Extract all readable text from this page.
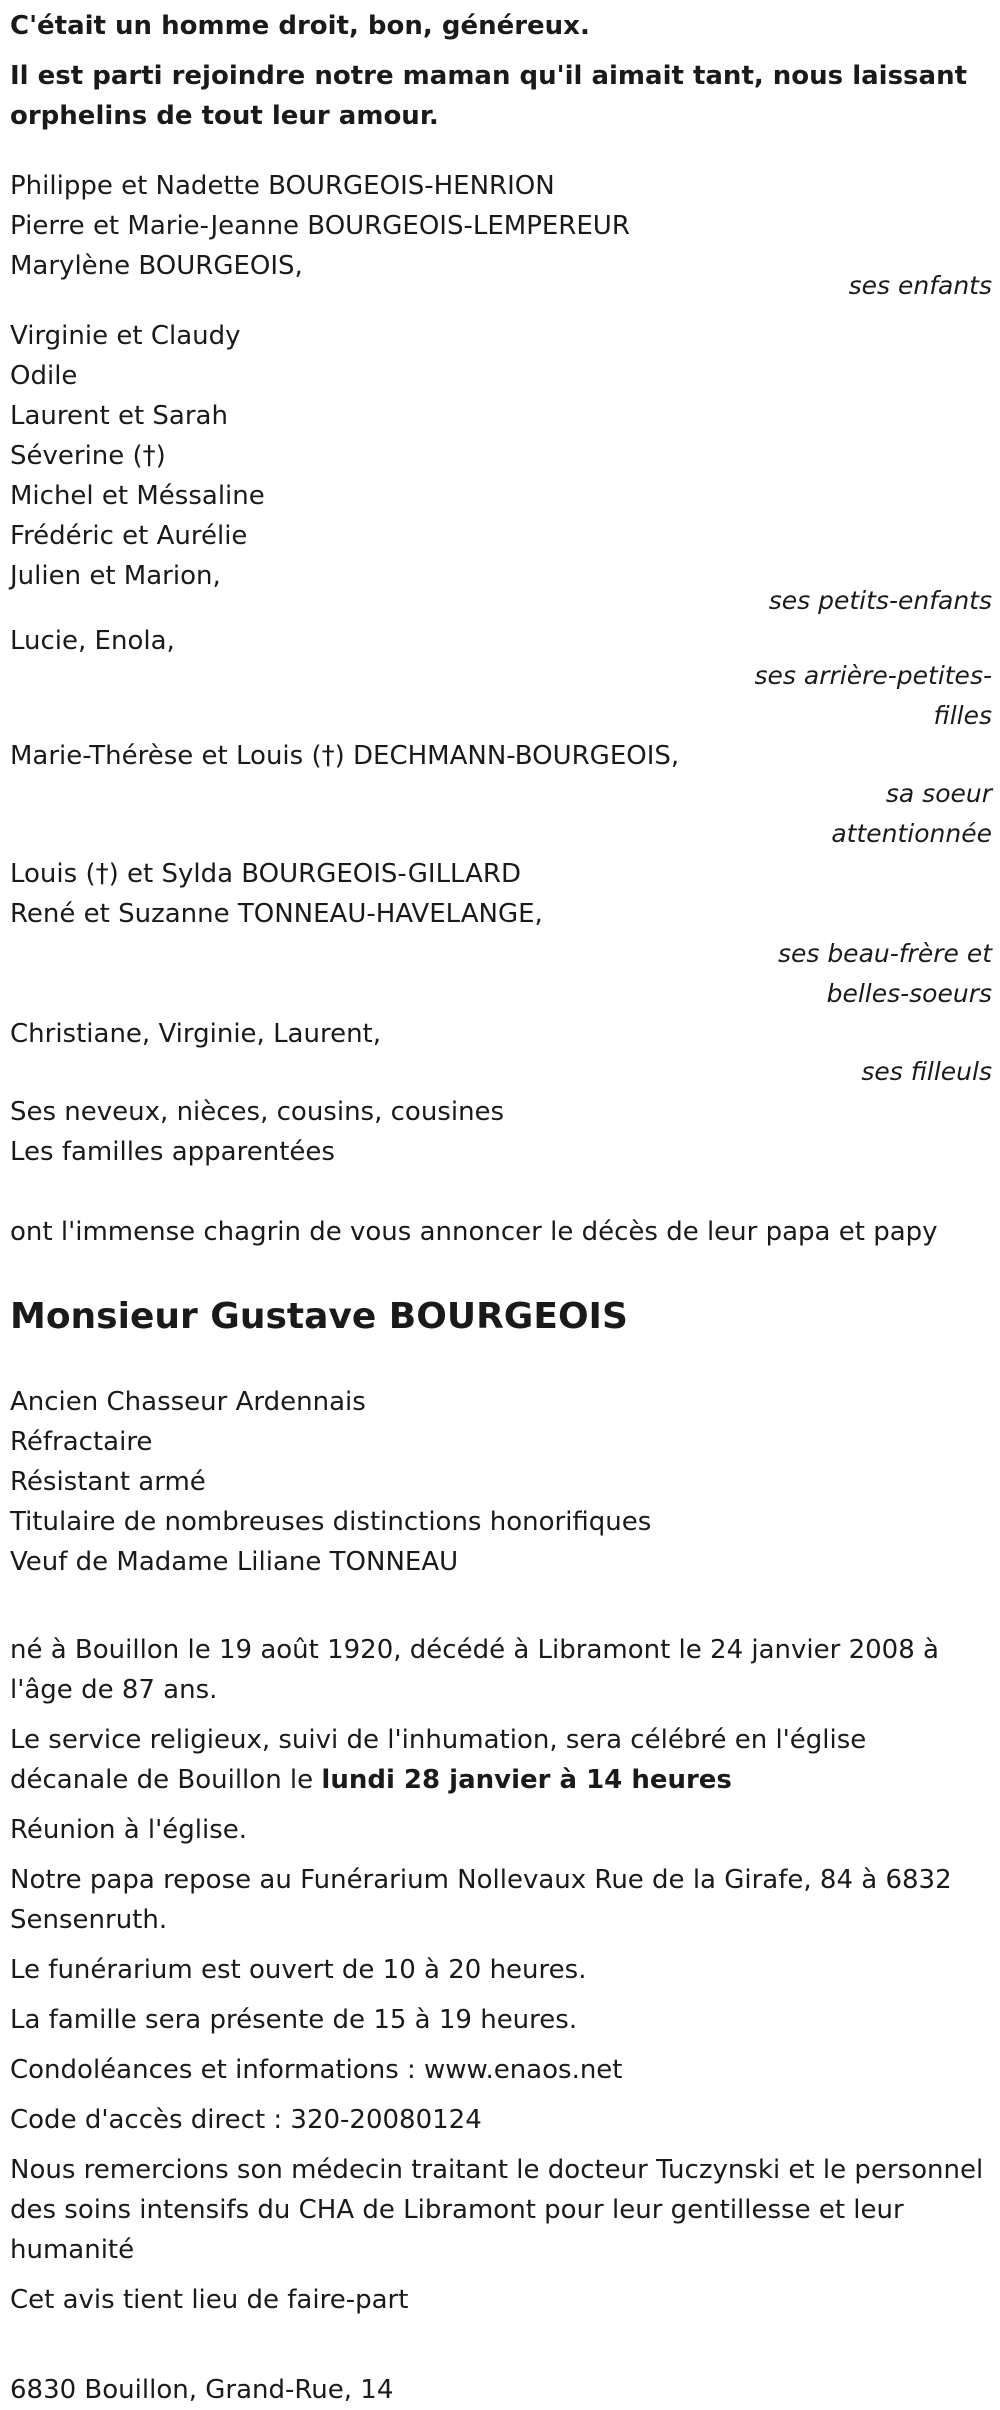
C'était un homme droit, bon, généreux.

Il est parti rejoindre notre maman qu'il aimait tant, nous laissant orphelins de tout leur amour.

Philippe et Nadette BOURGEOIS-HENRION
Pierre et Marie-Jeanne BOURGEOIS-LEMPEREUR
Marylène BOURGEOIS,
ses enfants
Virginie et Claudy
Odile
Laurent et Sarah
Séverine (†)
Michel et Méssaline
Frédéric et Aurélie
Julien et Marion,
ses petits-enfants
Lucie, Enola,
ses arrière-petites-filles
Marie-Thérèse et Louis (†) DECHMANN-BOURGEOIS,
sa soeur attentionnée
Louis (†) et Sylda BOURGEOIS-GILLARD
René et Suzanne TONNEAU-HAVELANGE,
ses beau-frère et belles-soeurs
Christiane, Virginie, Laurent,
ses filleuls
Ses neveux, nièces, cousins, cousines
Les familles apparentées
ont l'immense chagrin de vous annoncer le décès de leur papa et papy
Monsieur Gustave BOURGEOIS
Ancien Chasseur Ardennais
Réfractaire
Résistant armé
Titulaire de nombreuses distinctions honorifiques
Veuf de Madame Liliane TONNEAU

né à Bouillon le 19 août 1920, décédé à Libramont le 24 janvier 2008 à l'âge de 87 ans.

Le service religieux, suivi de l'inhumation, sera célébré en l'église décanale de Bouillon le lundi 28 janvier à 14 heures

Réunion à l'église.

Notre papa repose au Funérarium Nollevaux Rue de la Girafe, 84 à 6832 Sensenruth.

Le funérarium est ouvert de 10 à 20 heures.

La famille sera présente de 15 à 19 heures.

Condoléances et informations : www.enaos.net

Code d'accès direct : 320-20080124

Nous remercions son médecin traitant le docteur Tuczynski et le personnel des soins intensifs du CHA de Libramont pour leur gentillesse et leur humanité

Cet avis tient lieu de faire-part

6830 Bouillon, Grand-Rue, 14
